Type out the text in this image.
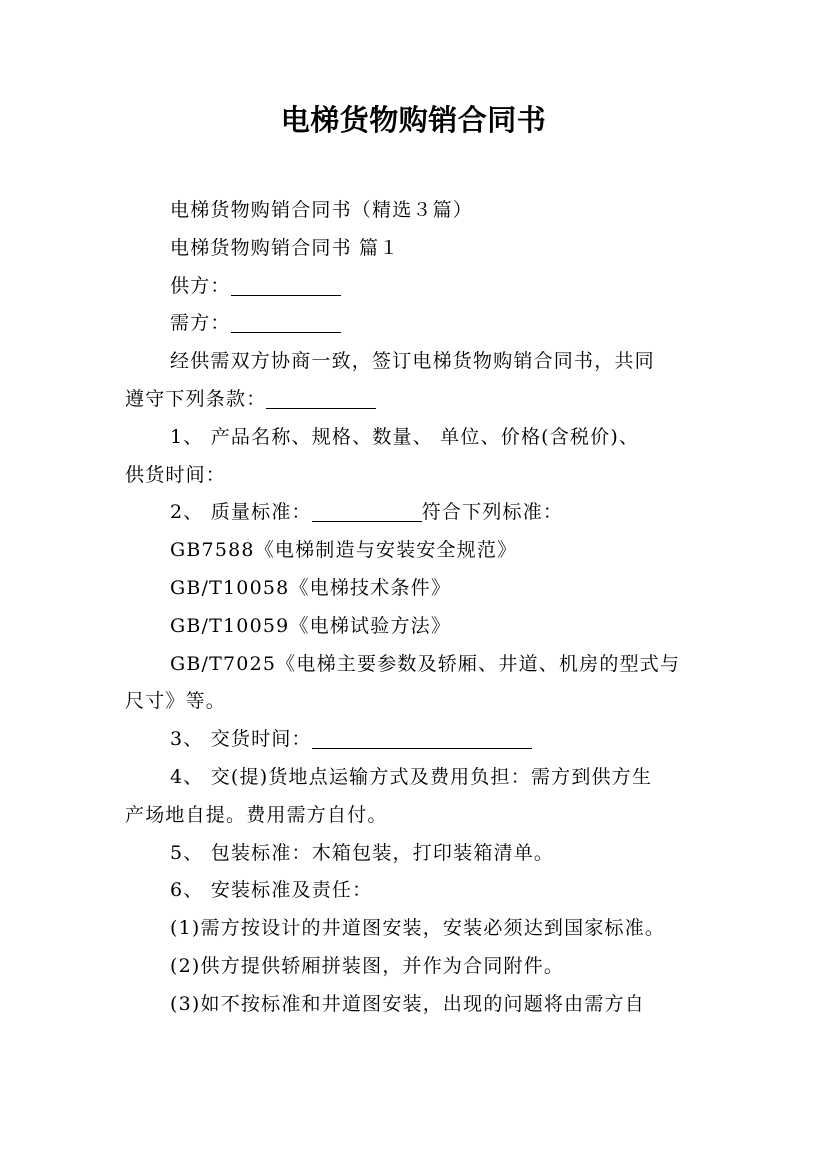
电梯货物购销合同书
电梯货物购销合同书（精选３篇）
电梯货物购销合同书 篇１
供方：
需方：
经供需双方协商一致，签订电梯货物购销合同书，共同
遵守下列条款：
1、 产品名称、规格、数量、 单位、价格(含税价)、
供货时间：
2、 质量标准：	符合下列标准：
GB7588《电梯制造与安装安全规范》
GB/T10058《电梯技术条件》
GB/T10059《电梯试验方法》
GB/T7025《电梯主要参数及轿厢、井道、机房的型式与
尺寸》等。
3、 交货时间：
4、 交(提)货地点运输方式及费用负担：需方到供方生
产场地自提。费用需方自付。
5、 包装标准：木箱包装，打印装箱清单。
6、 安装标准及责任：
(1)需方按设计的井道图安装，安装必须达到国家标准。
(2)供方提供轿厢拼装图，并作为合同附件。
(3)如不按标准和井道图安装，出现的问题将由需方自
